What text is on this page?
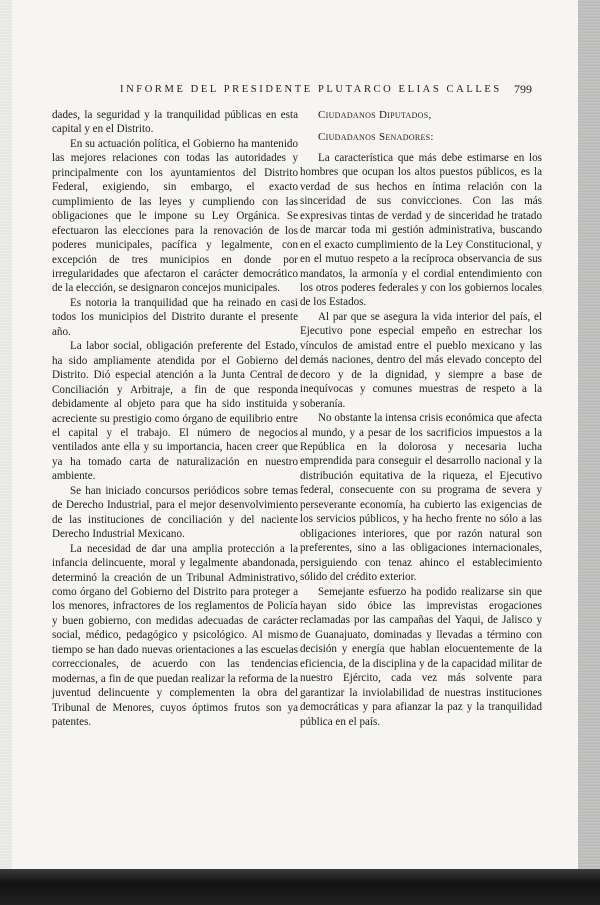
INFORME DEL PRESIDENTE PLUTARCO ELIAS CALLES 799

dades, la seguridad y la tranquilidad públicas en esta capital y en el Distrito.

En su actuación política, el Gobierno ha mantenido las mejores relaciones con todas las autoridades y principalmente con los ayuntamientos del Distrito Federal, exigiendo, sin embargo, el exacto cumplimiento de las leyes y cumpliendo con las obligaciones que le impone su Ley Orgánica. Se efectuaron las elecciones para la renovación de los poderes municipales, pacífica y legalmente, con excepción de tres municipios en donde por irregularidades que afectaron el carácter democrático de la elección, se designaron concejos municipales.

Es notoria la tranquilidad que ha reinado en casi todos los municipios del Distrito durante el presente año.

La labor social, obligación preferente del Estado, ha sido ampliamente atendida por el Gobierno del Distrito. Dió especial atención a la Junta Central de Conciliación y Arbitraje, a fin de que responda debidamente al objeto para que ha sido instituida y acreciente su prestigio como órgano de equilibrio entre el capital y el trabajo. El número de negocios ventilados ante ella y su importancia, hacen creer que ya ha tomado carta de naturalización en nuestro ambiente.

Se han iniciado concursos periódicos sobre temas de Derecho Industrial, para el mejor desenvolvimiento de las instituciones de conciliación y del naciente Derecho Industrial Mexicano.

La necesidad de dar una amplia protección a la infancia delincuente, moral y legalmente abandonada, determinó la creación de un Tribunal Administrativo, como órgano del Gobierno del Distrito para proteger a los menores, infractores de los reglamentos de Policía y buen gobierno, con medidas adecuadas de carácter social, médico, pedagógico y psicológico. Al mismo tiempo se han dado nuevas orientaciones a las escuelas correccionales, de acuerdo con las tendencias modernas, a fin de que puedan realizar la reforma de la juventud delincuente y complementen la obra del Tribunal de Menores, cuyos óptimos frutos son ya patentes.

Ciudadanos Diputados,
Ciudadanos Senadores:

La característica que más debe estimarse en los hombres que ocupan los altos puestos públicos, es la verdad de sus hechos en íntima relación con la sinceridad de sus convicciones. Con las más expresivas tintas de verdad y de sinceridad he tratado de marcar toda mi gestión administrativa, buscando en el exacto cumplimiento de la Ley Constitucional, y en el mutuo respeto a la recíproca observancia de sus mandatos, la armonía y el cordial entendimiento con los otros poderes federales y con los gobiernos locales de los Estados.

Al par que se asegura la vida interior del país, el Ejecutivo pone especial empeño en estrechar los vínculos de amistad entre el pueblo mexicano y las demás naciones, dentro del más elevado concepto del decoro y de la dignidad, y siempre a base de inequívocas y comunes muestras de respeto a la soberanía.

No obstante la intensa crisis económica que afecta al mundo, y a pesar de los sacrificios impuestos a la República en la dolorosa y necesaria lucha emprendida para conseguir el desarrollo nacional y la distribución equitativa de la riqueza, el Ejecutivo federal, consecuente con su programa de severa y perseverante economía, ha cubierto las exigencias de los servicios públicos, y ha hecho frente no sólo a las obligaciones interiores, que por razón natural son preferentes, sino a las obligaciones internacionales, persiguiendo con tenaz ahinco el establecimiento sólido del crédito exterior.

Semejante esfuerzo ha podido realizarse sin que hayan sido óbice las imprevistas erogaciones reclamadas por las campañas del Yaqui, de Jalisco y de Guanajuato, dominadas y llevadas a término con decisión y energía que hablan elocuentemente de la eficiencia, de la disciplina y de la capacidad militar de nuestro Ejército, cada vez más solvente para garantizar la inviolabilidad de nuestras instituciones democráticas y para afianzar la paz y la tranquilidad pública en el país.
